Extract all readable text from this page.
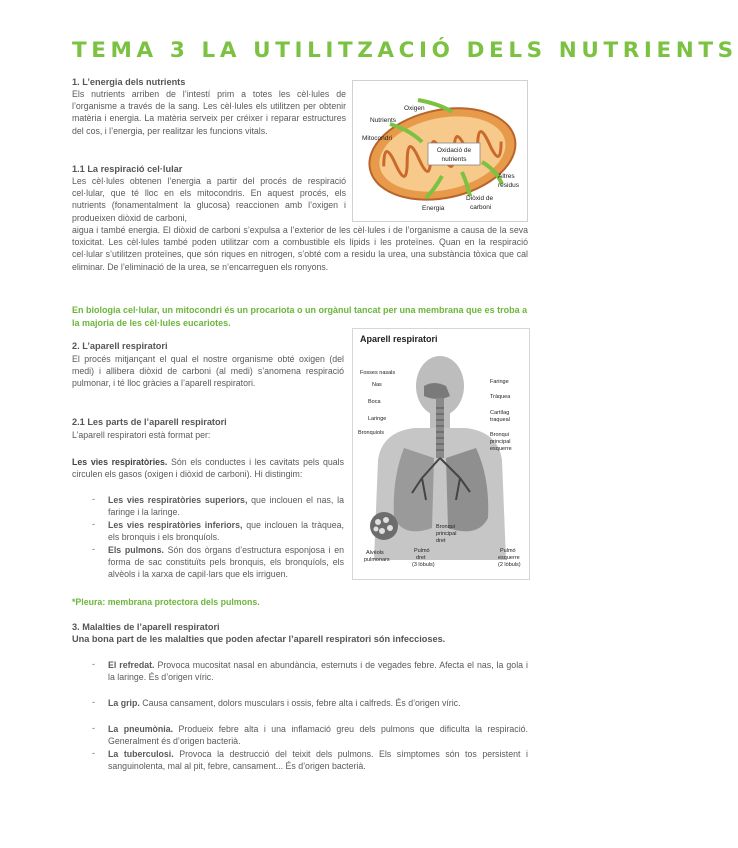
TEMA 3 LA UTILITZACIÓ DELS NUTRIENTS
1. L’energia dels nutrients
Els nutrients arriben de l’intestí prim a totes les cèl·lules de l’organisme a través de la sang. Les cèl·lules els utilitzen per obtenir matèria i energia. La matèria serveix per créixer i reparar estructures del cos, i l’energia, per realitzar les funcions vitals.
Oxidació de
nutrients
Oxigen
Nutrients
Mitocondri
Altres
residus
Diòxid de
carboni
Energia
1.1 La respiració cel·lular
Les cèl·lules obtenen l’energia a partir del procés de respiració cel·lular, que té lloc en els mitocondris. En aquest procés, els nutrients (fonamentalment la glucosa) reaccionen amb l’oxigen i produeixen diòxid de carboni,
aigua i també energia. El diòxid de carboni s’expulsa a l’exterior de les cèl·lules i de l’organisme a causa de la seva toxicitat. Les cèl·lules també poden utilitzar com a combustible els lípids i les proteïnes. Quan en la respiració cel·lular s’utilitzen proteïnes, que són riques en nitrogen, s’obté com a residu la urea, una substància tòxica que cal eliminar. De l’eliminació de la urea, se n’encarreguen els ronyons.
En biologia cel·lular, un mitocondri és un procariota o un orgànul tancat per una membrana que es troba a la majoria de les cèl·lules eucariotes.
2. L’aparell respiratori
El procés mitjançant el qual el nostre organisme obté oxigen (del medi) i allibera diòxid de carboni (al medi) s’anomena respiració pulmonar, i té lloc gràcies a l’aparell respiratori.
2.1 Les parts de l’aparell respiratori
L’aparell respiratori està format per:
Les vies respiratòries. Són els conductes i les cavitats pels quals circulen els gasos (oxigen i diòxid de carboni). Hi distingim:
- Les vies respiratòries superiors, que inclouen el nas, la faringe i la laringe.
- Les vies respiratòries inferiors, que inclouen la tràquea, els bronquis i els bronquíols.
- Els pulmons. Són dos òrgans d’estructura esponjosa i en forma de sac constituïts pels bronquis, els bronquíols, els alvèols i la xarxa de capil·lars que els irriguen.
*Pleura: membrana protectora dels pulmons.
Aparell respiratori
Fosses nasals
Nas
Boca
Laringe
Bronquiols
Faringe
Tràquea
Cartílag
traqueal
Bronqui
principal
esquerre
Bronqui
principal
dret
Alvèols
pulmonars
Pulmó
dret
(3 lòbuls)
Pulmó
esquerre
(2 lòbuls)
3. Malalties de l’aparell respiratori
Una bona part de les malalties que poden afectar l’aparell respiratori són infeccioses.
- El refredat. Provoca mucositat nasal en abundància, esternuts i de vegades febre. Afecta el nas, la gola i la laringe. És d’origen víric.
- La grip. Causa cansament, dolors musculars i ossis, febre alta i calfreds. És d’origen víric.
- La pneumònia. Produeix febre alta i una inflamació greu dels pulmons que dificulta la respiració. Generalment és d’origen bacterià.
- La tuberculosi. Provoca la destrucció del teixit dels pulmons. Els símptomes són tos persistent i sanguinolenta, mal al pit, febre, cansament... És d’origen bacterià.
